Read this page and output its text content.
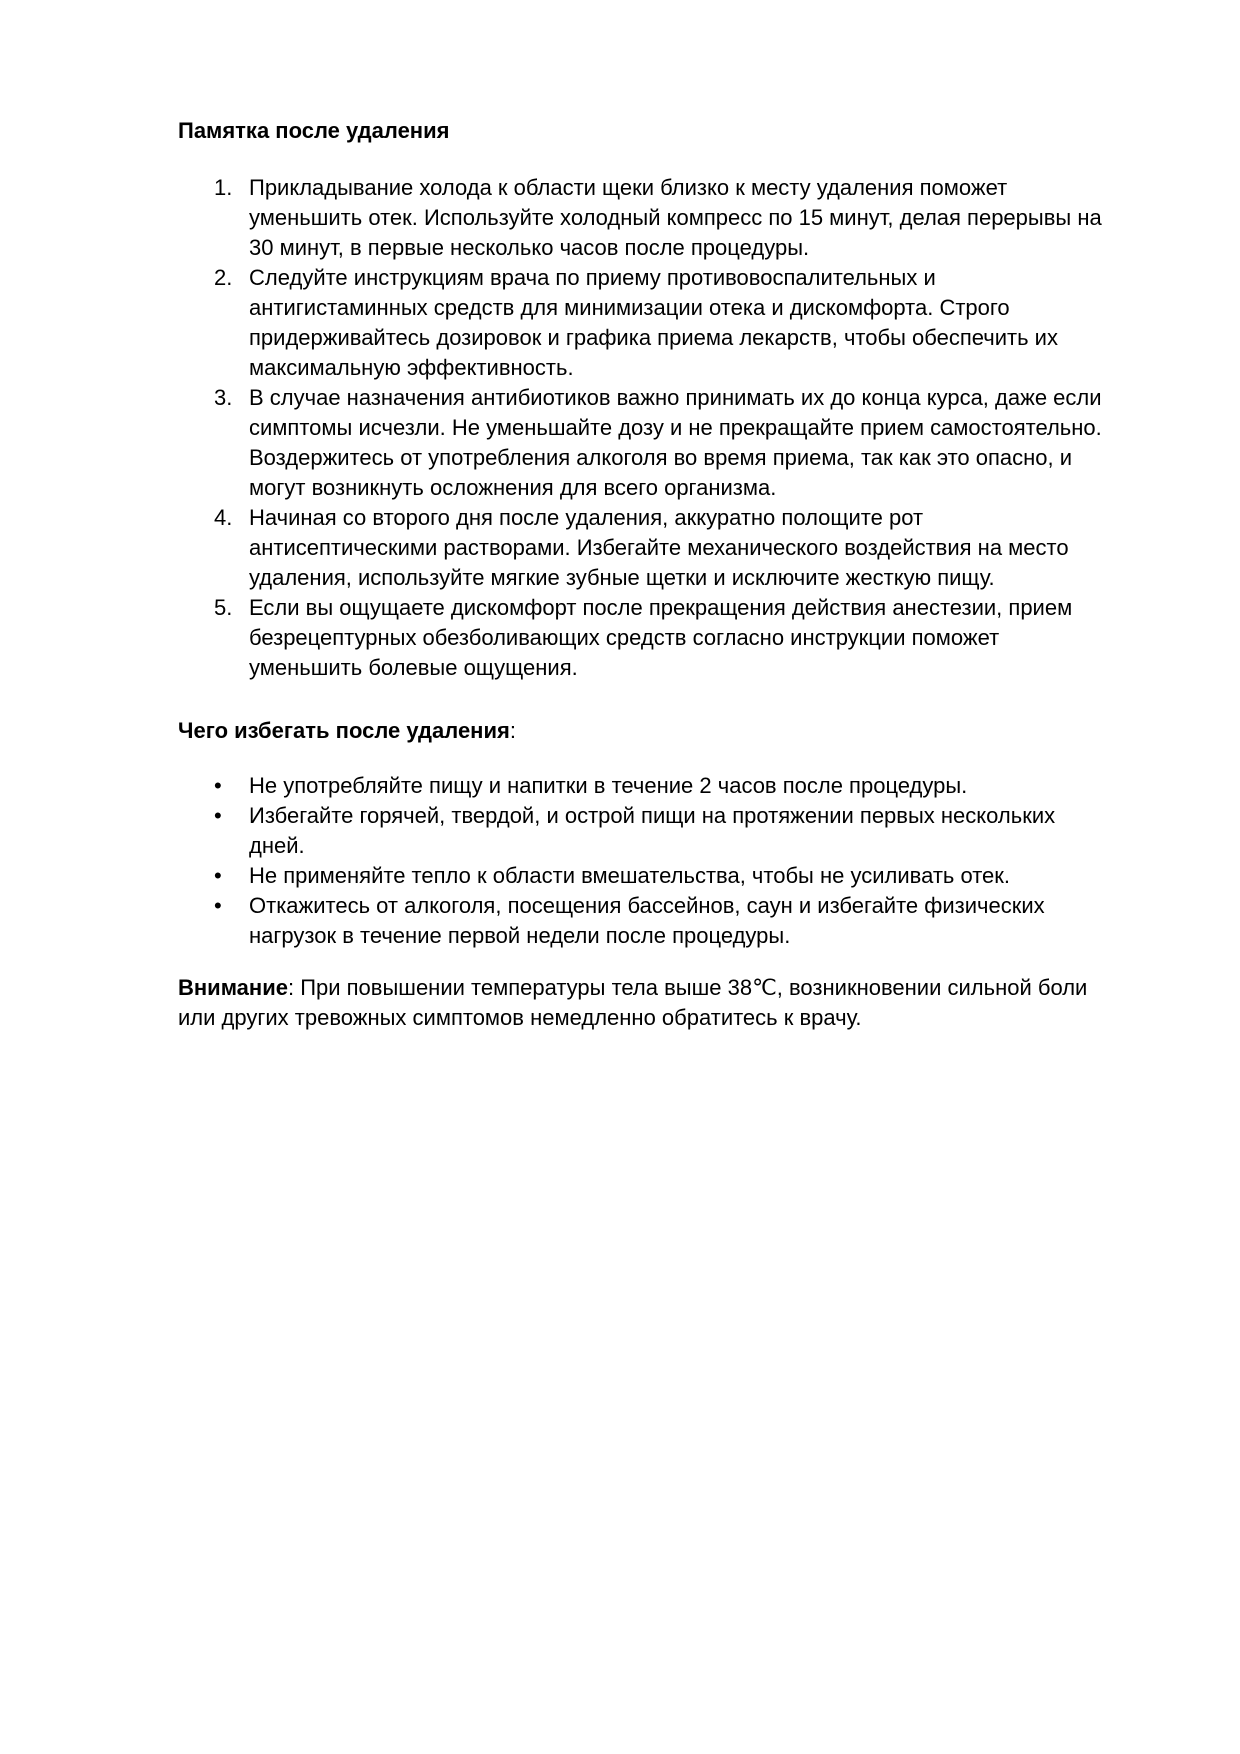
Памятка после удаления
1. Прикладывание холода к области щеки близко к месту удаления поможет
уменьшить отек. Используйте холодный компресс по 15 минут, делая перерывы на
30 минут, в первые несколько часов после процедуры.
2. Следуйте инструкциям врача по приему противовоспалительных и
антигистаминных средств для минимизации отека и дискомфорта. Строго
придерживайтесь дозировок и графика приема лекарств, чтобы обеспечить их
максимальную эффективность.
3. В случае назначения антибиотиков важно принимать их до конца курса, даже если
симптомы исчезли. Не уменьшайте дозу и не прекращайте прием самостоятельно.
Воздержитесь от употребления алкоголя во время приема, так как это опасно, и
могут возникнуть осложнения для всего организма.
4. Начиная со второго дня после удаления, аккуратно полощите рот
антисептическими растворами. Избегайте механического воздействия на место
удаления, используйте мягкие зубные щетки и исключите жесткую пищу.
5. Если вы ощущаете дискомфорт после прекращения действия анестезии, прием
безрецептурных обезболивающих средств согласно инструкции поможет
уменьшить болевые ощущения.
Чего избегать после удаления:
• Не употребляйте пищу и напитки в течение 2 часов после процедуры.
• Избегайте горячей, твердой, и острой пищи на протяжении первых нескольких
дней.
• Не применяйте тепло к области вмешательства, чтобы не усиливать отек.
• Откажитесь от алкоголя, посещения бассейнов, саун и избегайте физических
нагрузок в течение первой недели после процедуры.

Внимание: При повышении температуры тела выше 38℃, возникновении сильной боли
или других тревожных симптомов немедленно обратитесь к врачу.
